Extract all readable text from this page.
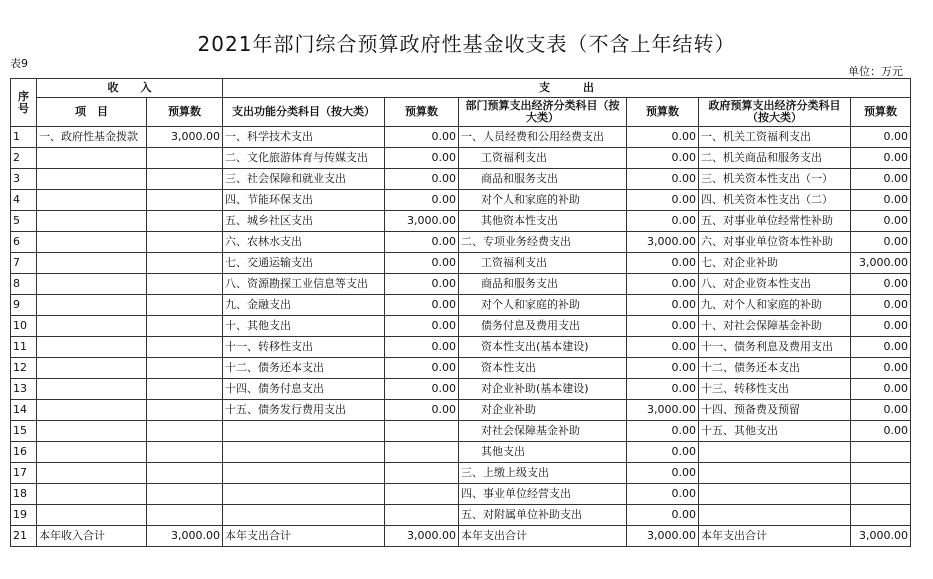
2021年部门综合预算政府性基金收支表（不含上年结转）
表9
单位：万元
序号	收　　入		支　　　出					
	项　目	预算数	支出功能分类科目（按大类）	预算数	部门预算支出经济分类科目（按大类）	预算数	政府预算支出经济分类科目（按大类）	预算数
1	一、政府性基金拨款	3,000.00	一、科学技术支出	0.00	一、人员经费和公用经费支出	0.00	一、机关工资福利支出	0.00
2			二、文化旅游体育与传媒支出	0.00	工资福利支出	0.00	二、机关商品和服务支出	0.00
3			三、社会保障和就业支出	0.00	商品和服务支出	0.00	三、机关资本性支出（一）	0.00
4			四、节能环保支出	0.00	对个人和家庭的补助	0.00	四、机关资本性支出（二）	0.00
5			五、城乡社区支出	3,000.00	其他资本性支出	0.00	五、对事业单位经常性补助	0.00
6			六、农林水支出	0.00	二、专项业务经费支出	3,000.00	六、对事业单位资本性补助	0.00
7			七、交通运输支出	0.00	工资福利支出	0.00	七、对企业补助	3,000.00
8			八、资源勘探工业信息等支出	0.00	商品和服务支出	0.00	八、对企业资本性支出	0.00
9			九、金融支出	0.00	对个人和家庭的补助	0.00	九、对个人和家庭的补助	0.00
10			十、其他支出	0.00	债务付息及费用支出	0.00	十、对社会保障基金补助	0.00
11			十一、转移性支出	0.00	资本性支出(基本建设)	0.00	十一、债务利息及费用支出	0.00
12			十二、债务还本支出	0.00	资本性支出	0.00	十二、债务还本支出	0.00
13			十四、债务付息支出	0.00	对企业补助(基本建设)	0.00	十三、转移性支出	0.00
14			十五、债务发行费用支出	0.00	对企业补助	3,000.00	十四、预备费及预留	0.00
15					对社会保障基金补助	0.00	十五、其他支出	0.00
16					其他支出	0.00		
17					三、上缴上级支出	0.00		
18					四、事业单位经营支出	0.00		
19					五、对附属单位补助支出	0.00		
21	本年收入合计	3,000.00	本年支出合计	3,000.00	本年支出合计	3,000.00	本年支出合计	3,000.00
